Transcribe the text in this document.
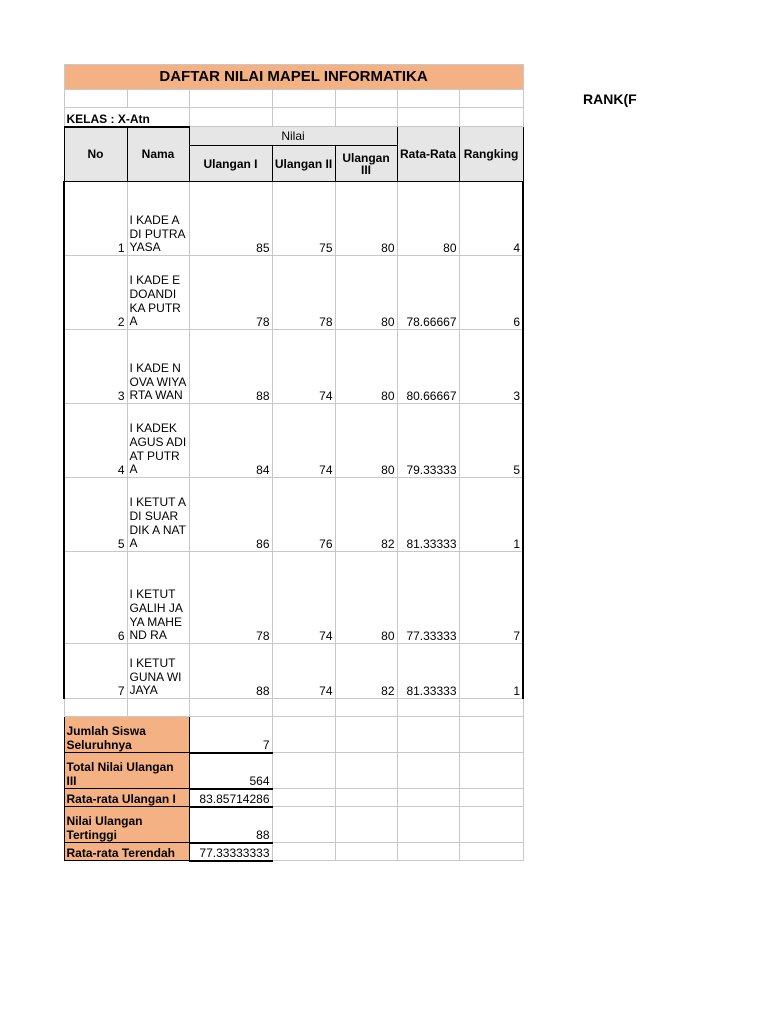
DAFTAR NILAI MAPEL INFORMATIKA						

KELAS : X-Atn						
No	Nama	Nilai			Rata-Rata	Rangking
		Ulangan I	Ulangan II	Ulangan III		
1	I KADE ADI PUTRA YASA	85	75	80	80	4
2	I KADE EDOANDI KA PUTRA	78	78	80	78.66667	6
3	I KADE NOVA WIYARTA WAN	88	74	80	80.66667	3
4	I KADEK AGUS ADIAT PUTRA	84	74	80	79.33333	5
5	I KETUT ADI SUARDIK A NATA	86	76	82	81.33333	1
6	I KETUT GALIH JAYA MAHEND RA	78	74	80	77.33333	7
7	I KETUT GUNA WIJAYA	88	74	82	81.33333	1

Jumlah Siswa Seluruhnya		7				
Total Nilai Ulangan III		564				
Rata-rata Ulangan I		83.85714286				
Nilai Ulangan Tertinggi		88				
Rata-rata Terendah		77.33333333				
RANK(F
